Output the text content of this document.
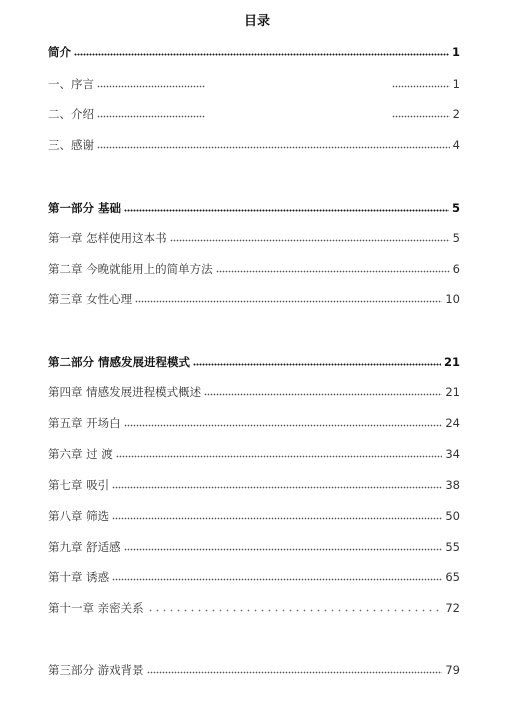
目录
简介	1
一、序言	1
二、介绍	2
三、感谢	4
第一部分 基础	5
第一章 怎样使用这本书	5
第二章 今晚就能用上的简单方法	6
第三章 女性心理	10
第二部分 情感发展进程模式	21
第四章 情感发展进程模式概述	21
第五章 开场白	24
第六章 过 渡	34
第七章 吸引	38
第八章 筛选	50
第九章 舒适感	55
第十章 诱惑	65
第十一章 亲密关系	72
第三部分 游戏背景	79
